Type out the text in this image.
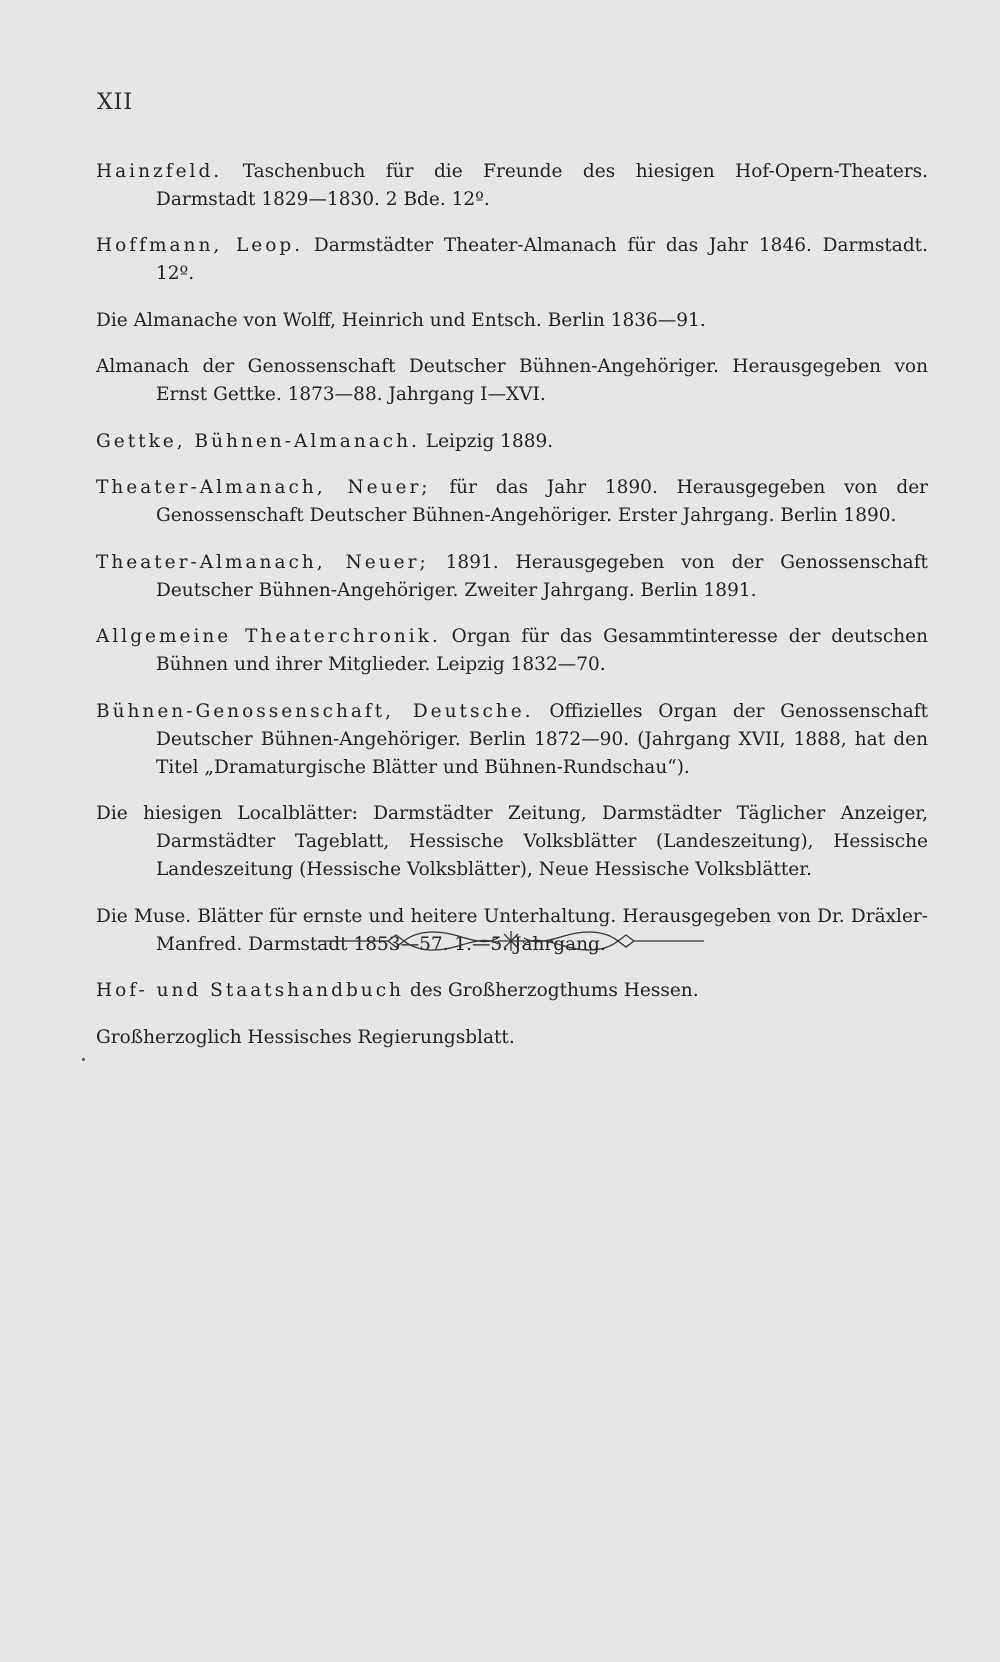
XII

Hainzfeld. Taschenbuch für die Freunde des hiesigen Hof-Opern-Theaters. Darmstadt 1829—1830. 2 Bde. 12º.

Hoffmann, Leop. Darmstädter Theater-Almanach für das Jahr 1846. Darmstadt. 12º.

Die Almanache von Wolff, Heinrich und Entsch. Berlin 1836—91.

Almanach der Genossenschaft Deutscher Bühnen-Angehöriger. Herausgegeben von Ernst Gettke. 1873—88. Jahrgang I—XVI.

Gettke, Bühnen-Almanach. Leipzig 1889.

Theater-Almanach, Neuer; für das Jahr 1890. Herausgegeben von der Genossenschaft Deutscher Bühnen-Angehöriger. Erster Jahrgang. Berlin 1890.

Theater-Almanach, Neuer; 1891. Herausgegeben von der Genossenschaft Deutscher Bühnen-Angehöriger. Zweiter Jahrgang. Berlin 1891.

Allgemeine Theaterchronik. Organ für das Gesammtinteresse der deutschen Bühnen und ihrer Mitglieder. Leipzig 1832—70.

Bühnen-Genossenschaft, Deutsche. Offizielles Organ der Genossenschaft Deutscher Bühnen-Angehöriger. Berlin 1872—90. (Jahrgang XVII, 1888, hat den Titel „Dramaturgische Blätter und Bühnen-Rundschau“).

Die hiesigen Localblätter: Darmstädter Zeitung, Darmstädter Täglicher Anzeiger, Darmstädter Tageblatt, Hessische Volksblätter (Landeszeitung), Hessische Landeszeitung (Hessische Volksblätter), Neue Hessische Volksblätter.

Die Muse. Blätter für ernste und heitere Unterhaltung. Herausgegeben von Dr. Dräxler-Manfred. Darmstadt 1853—57. 1.—5. Jahrgang.

Hof- und Staatshandbuch des Großherzogthums Hessen.

Großherzoglich Hessisches Regierungsblatt.
